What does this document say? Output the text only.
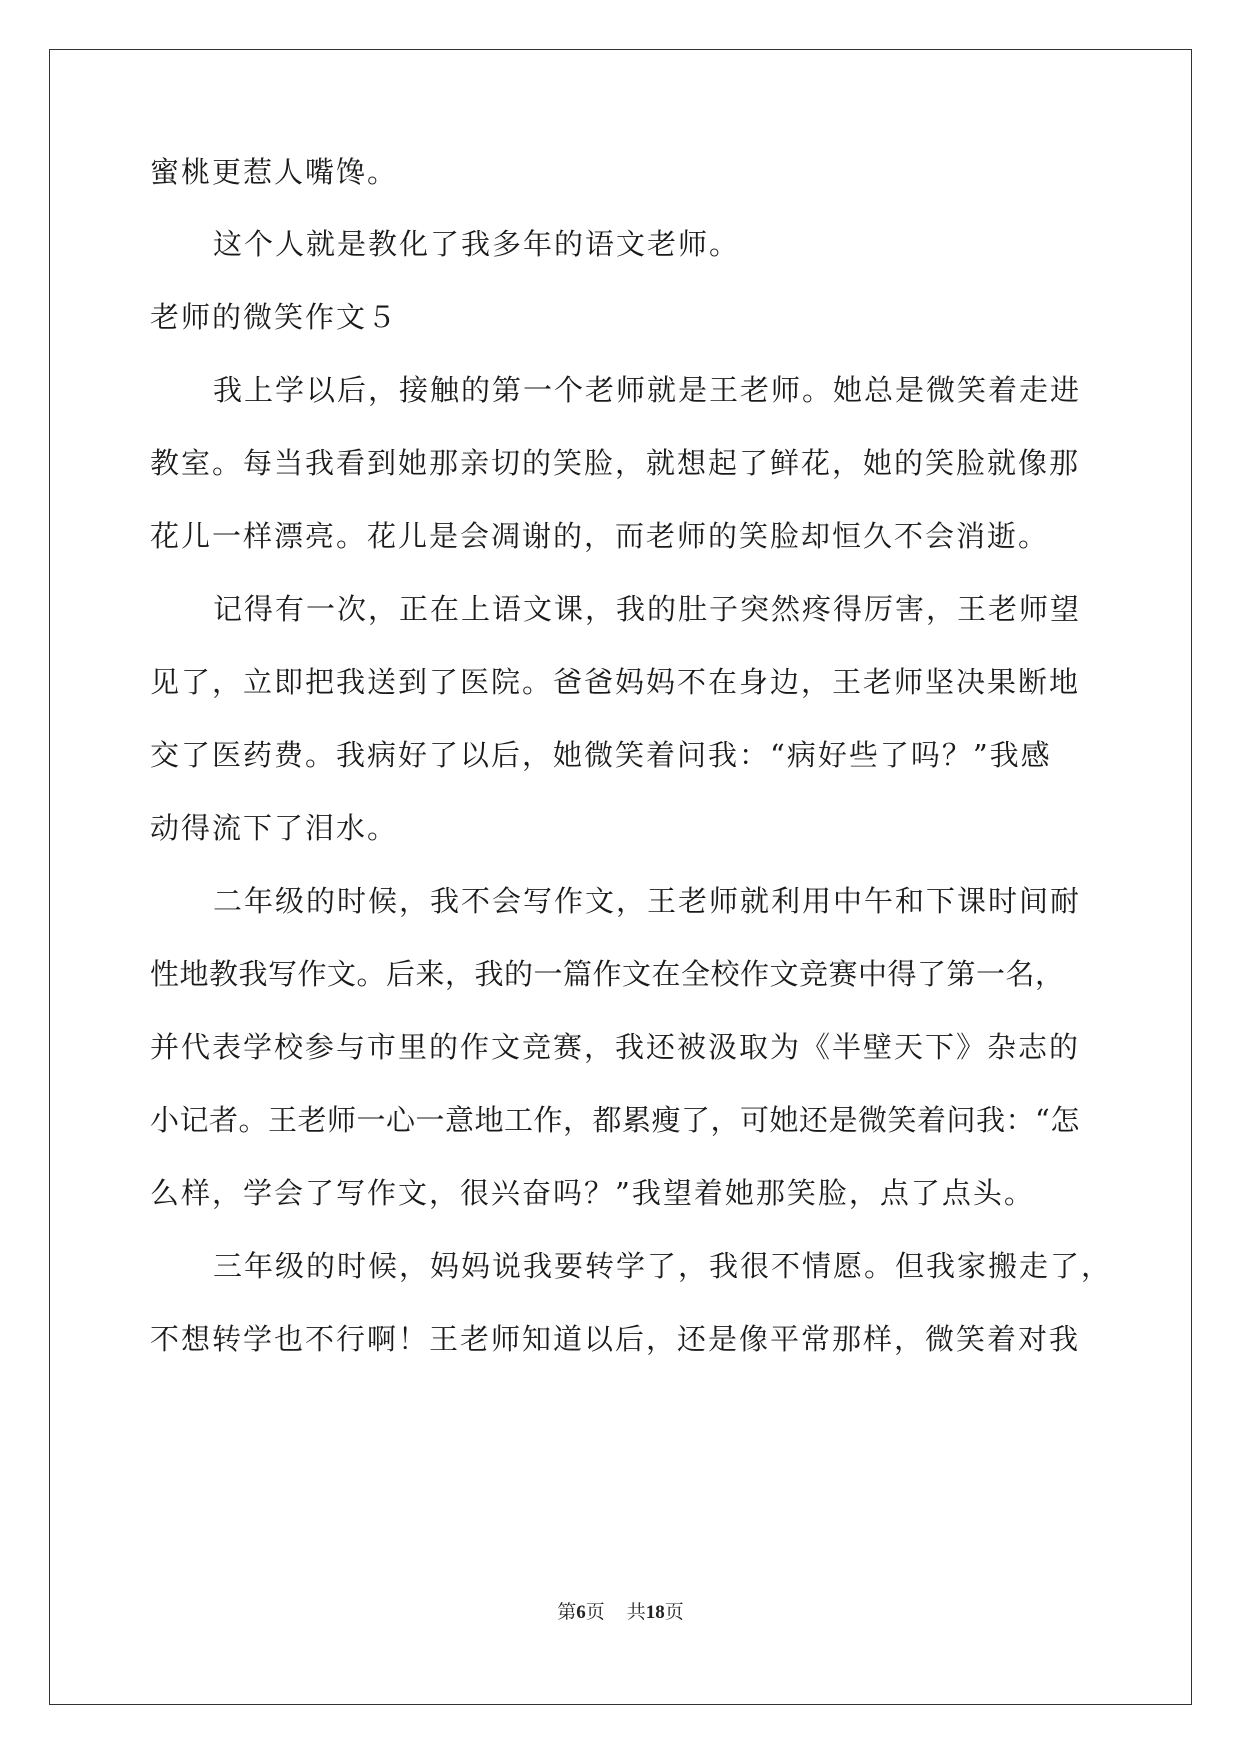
蜜桃更惹人嘴馋。
这个人就是教化了我多年的语文老师。
老师的微笑作文５
我上学以后，接触的第一个老师就是王老师。她总是微笑着走进
教室。每当我看到她那亲切的笑脸，就想起了鲜花，她的笑脸就像那
花儿一样漂亮。花儿是会凋谢的，而老师的笑脸却恒久不会消逝。
记得有一次，正在上语文课，我的肚子突然疼得厉害，王老师望
见了，立即把我送到了医院。爸爸妈妈不在身边，王老师坚决果断地
交了医药费。我病好了以后，她微笑着问我：“病好些了吗？”我感
动得流下了泪水。
二年级的时候，我不会写作文，王老师就利用中午和下课时间耐
性地教我写作文。后来，我的一篇作文在全校作文竞赛中得了第一名，
并代表学校参与市里的作文竞赛，我还被汲取为《半壁天下》杂志的
小记者。王老师一心一意地工作，都累瘦了，可她还是微笑着问我：“怎
么样，学会了写作文，很兴奋吗？”我望着她那笑脸，点了点头。
三年级的时候，妈妈说我要转学了，我很不情愿。但我家搬走了，
不想转学也不行啊！王老师知道以后，还是像平常那样，微笑着对我
第6页 共18页
